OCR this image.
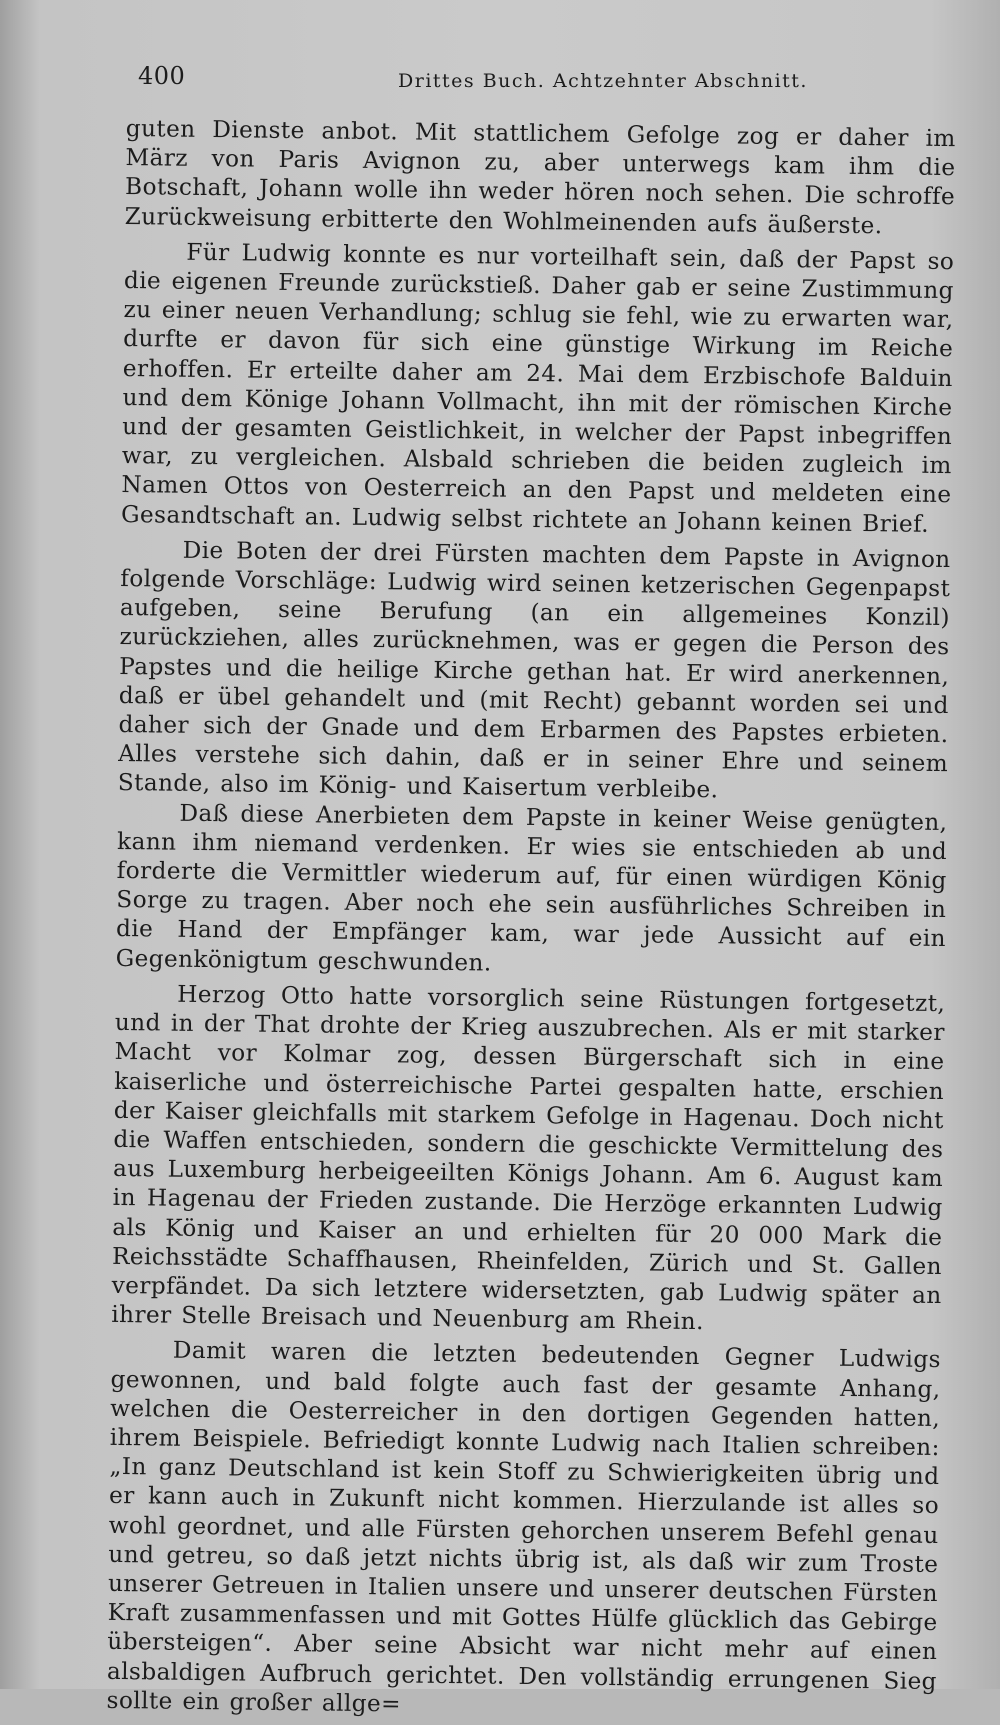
400	Drittes Buch. Achtzehnter Abschnitt.

guten Dienste anbot. Mit stattlichem Gefolge zog er daher im März von Paris Avignon zu, aber unterwegs kam ihm die Botschaft, Johann wolle ihn weder hören noch sehen. Die schroffe Zurückweisung erbitterte den Wohlmeinenden aufs äußerste.

Für Ludwig konnte es nur vorteilhaft sein, daß der Papst so die eigenen Freunde zurückstieß. Daher gab er seine Zustimmung zu einer neuen Verhandlung; schlug sie fehl, wie zu erwarten war, durfte er davon für sich eine günstige Wirkung im Reiche erhoffen. Er erteilte daher am 24. Mai dem Erzbischofe Balduin und dem Könige Johann Vollmacht, ihn mit der römischen Kirche und der gesamten Geistlichkeit, in welcher der Papst inbegriffen war, zu vergleichen. Alsbald schrieben die beiden zugleich im Namen Ottos von Oesterreich an den Papst und meldeten eine Gesandtschaft an. Ludwig selbst richtete an Johann keinen Brief.

Die Boten der drei Fürsten machten dem Papste in Avignon folgende Vorschläge: Ludwig wird seinen ketzerischen Gegenpapst aufgeben, seine Berufung (an ein allgemeines Konzil) zurückziehen, alles zurücknehmen, was er gegen die Person des Papstes und die heilige Kirche gethan hat. Er wird anerkennen, daß er übel gehandelt und (mit Recht) gebannt worden sei und daher sich der Gnade und dem Erbarmen des Papstes erbieten. Alles verstehe sich dahin, daß er in seiner Ehre und seinem Stande, also im König- und Kaisertum verbleibe.

Daß diese Anerbieten dem Papste in keiner Weise genügten, kann ihm niemand verdenken. Er wies sie entschieden ab und forderte die Vermittler wiederum auf, für einen würdigen König Sorge zu tragen. Aber noch ehe sein ausführliches Schreiben in die Hand der Empfänger kam, war jede Aussicht auf ein Gegenkönigtum geschwunden.

Herzog Otto hatte vorsorglich seine Rüstungen fortgesetzt, und in der That drohte der Krieg auszubrechen. Als er mit starker Macht vor Kolmar zog, dessen Bürgerschaft sich in eine kaiserliche und österreichische Partei gespalten hatte, erschien der Kaiser gleichfalls mit starkem Gefolge in Hagenau. Doch nicht die Waffen entschieden, sondern die geschickte Vermittelung des aus Luxemburg herbeigeeilten Königs Johann. Am 6. August kam in Hagenau der Frieden zustande. Die Herzöge erkannten Ludwig als König und Kaiser an und erhielten für 20 000 Mark die Reichsstädte Schaffhausen, Rheinfelden, Zürich und St. Gallen verpfändet. Da sich letztere widersetzten, gab Ludwig später an ihrer Stelle Breisach und Neuenburg am Rhein.

Damit waren die letzten bedeutenden Gegner Ludwigs gewonnen, und bald folgte auch fast der gesamte Anhang, welchen die Oesterreicher in den dortigen Gegenden hatten, ihrem Beispiele. Befriedigt konnte Ludwig nach Italien schreiben: „In ganz Deutschland ist kein Stoff zu Schwierigkeiten übrig und er kann auch in Zukunft nicht kommen. Hierzulande ist alles so wohl geordnet, und alle Fürsten gehorchen unserem Befehl genau und getreu, so daß jetzt nichts übrig ist, als daß wir zum Troste unserer Getreuen in Italien unsere und unserer deutschen Fürsten Kraft zusammenfassen und mit Gottes Hülfe glücklich das Gebirge übersteigen“. Aber seine Absicht war nicht mehr auf einen alsbaldigen Aufbruch gerichtet. Den vollständig errungenen Sieg sollte ein großer allge=
